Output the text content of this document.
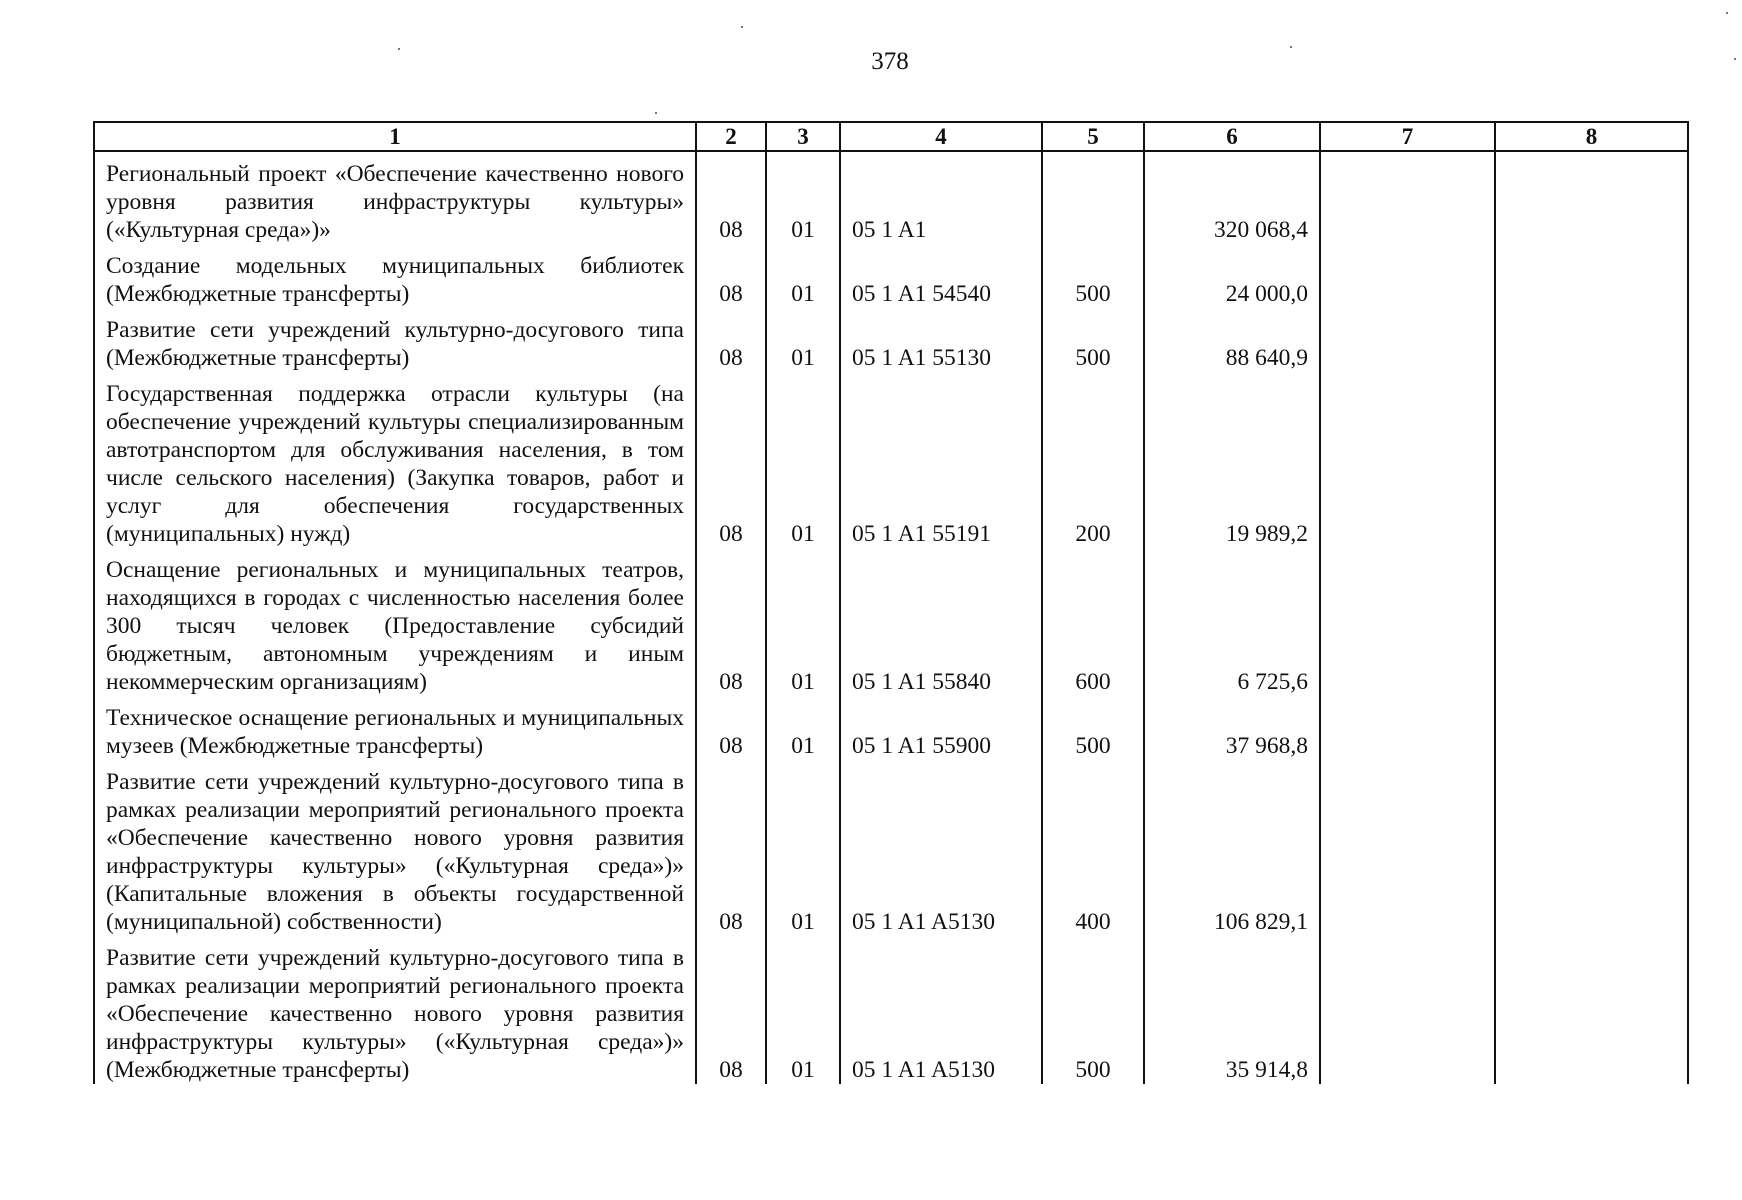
378
1	2	3	4	5	6	7	8
Региональный проект «Обеспечение качественно нового уровня развития инфраструктуры культуры» («Культурная среда»)»	08	01	05 1 A1		320 068,4		
Создание модельных муниципальных библиотек (Межбюджетные трансферты)	08	01	05 1 A1 54540	500	24 000,0		
Развитие сети учреждений культурно-досугового типа (Межбюджетные трансферты)	08	01	05 1 A1 55130	500	88 640,9		
Государственная поддержка отрасли культуры (на обеспечение учреждений культуры специализированным автотранспортом для обслуживания населения, в том числе сельского населения) (Закупка товаров, работ и услуг для обеспечения государственных (муниципальных) нужд)	08	01	05 1 A1 55191	200	19 989,2		
Оснащение региональных и муниципальных театров, находящихся в городах с численностью населения более 300 тысяч человек (Предоставление субсидий бюджетным, автономным учреждениям и иным некоммерческим организациям)	08	01	05 1 A1 55840	600	6 725,6		
Техническое оснащение региональных и муниципальных музеев (Межбюджетные трансферты)	08	01	05 1 A1 55900	500	37 968,8		
Развитие сети учреждений культурно-досугового типа в рамках реализации мероприятий регионального проекта «Обеспечение качественно нового уровня развития инфраструктуры культуры» («Культурная среда»)» (Капитальные вложения в объекты государственной (муниципальной) собственности)	08	01	05 1 A1 A5130	400	106 829,1		
Развитие сети учреждений культурно-досугового типа в рамках реализации мероприятий регионального проекта «Обеспечение качественно нового уровня развития инфраструктуры культуры» («Культурная среда»)» (Межбюджетные трансферты)	08	01	05 1 A1 A5130	500	35 914,8		
